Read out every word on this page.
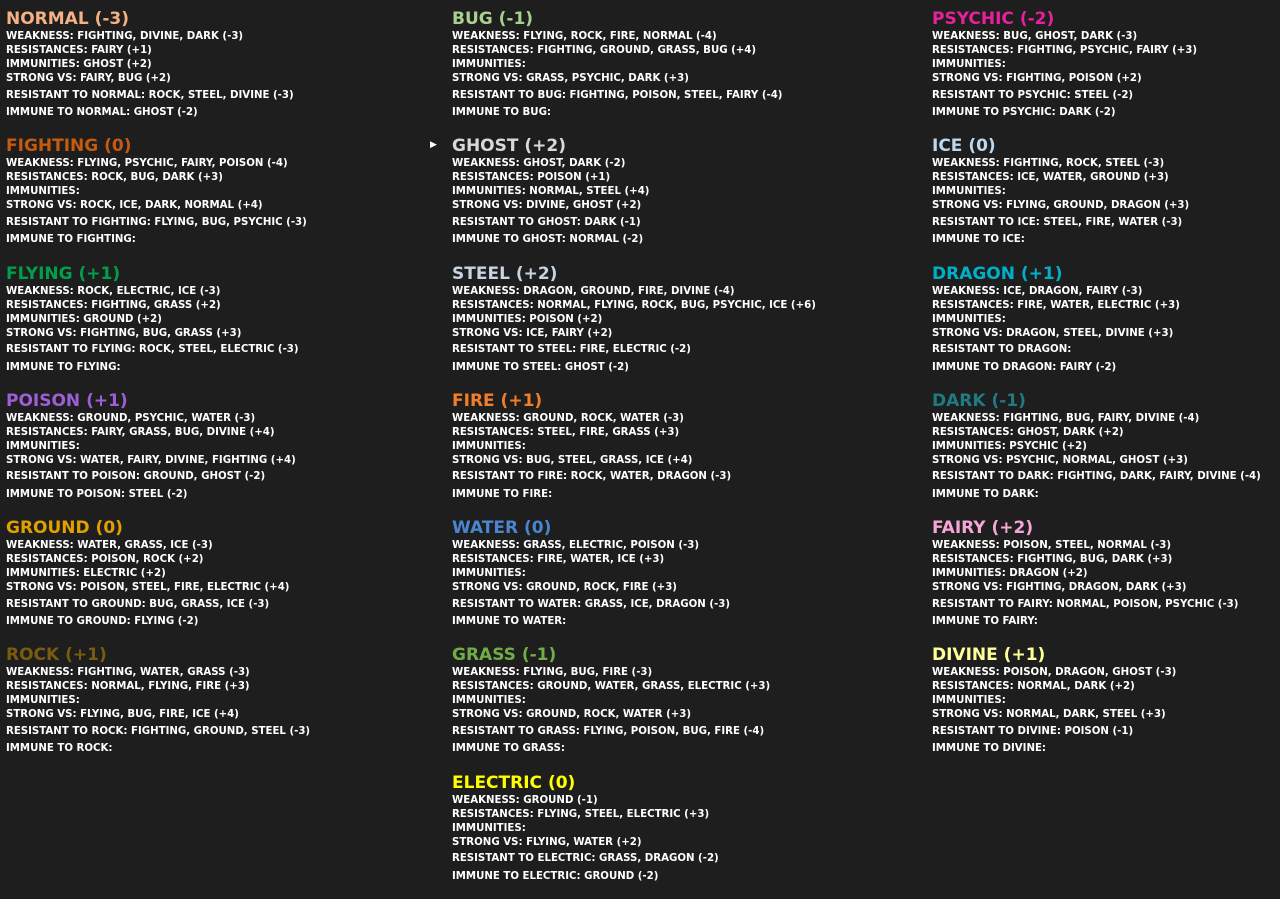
NORMAL (-3)
WEAKNESS: FIGHTING, DIVINE, DARK (-3)
RESISTANCES: FAIRY (+1)
IMMUNITIES: GHOST (+2)
STRONG VS: FAIRY, BUG (+2)
RESISTANT TO NORMAL: ROCK, STEEL, DIVINE (-3)
IMMUNE TO NORMAL: GHOST (-2)
FIGHTING (0)
WEAKNESS: FLYING, PSYCHIC, FAIRY, POISON (-4)
RESISTANCES: ROCK, BUG, DARK (+3)
IMMUNITIES:
STRONG VS: ROCK, ICE, DARK, NORMAL (+4)
RESISTANT TO FIGHTING: FLYING, BUG, PSYCHIC (-3)
IMMUNE TO FIGHTING:
FLYING (+1)
WEAKNESS: ROCK, ELECTRIC, ICE (-3)
RESISTANCES: FIGHTING, GRASS (+2)
IMMUNITIES: GROUND (+2)
STRONG VS: FIGHTING, BUG, GRASS (+3)
RESISTANT TO FLYING: ROCK, STEEL, ELECTRIC (-3)
IMMUNE TO FLYING:
POISON (+1)
WEAKNESS: GROUND, PSYCHIC, WATER (-3)
RESISTANCES: FAIRY, GRASS, BUG, DIVINE (+4)
IMMUNITIES:
STRONG VS: WATER, FAIRY, DIVINE, FIGHTING (+4)
RESISTANT TO POISON: GROUND, GHOST (-2)
IMMUNE TO POISON: STEEL (-2)
GROUND (0)
WEAKNESS: WATER, GRASS, ICE (-3)
RESISTANCES: POISON, ROCK (+2)
IMMUNITIES: ELECTRIC (+2)
STRONG VS: POISON, STEEL, FIRE, ELECTRIC (+4)
RESISTANT TO GROUND: BUG, GRASS, ICE (-3)
IMMUNE TO GROUND: FLYING (-2)
ROCK (+1)
WEAKNESS: FIGHTING, WATER, GRASS (-3)
RESISTANCES: NORMAL, FLYING, FIRE (+3)
IMMUNITIES:
STRONG VS: FLYING, BUG, FIRE, ICE (+4)
RESISTANT TO ROCK: FIGHTING, GROUND, STEEL (-3)
IMMUNE TO ROCK:
BUG (-1)
WEAKNESS: FLYING, ROCK, FIRE, NORMAL (-4)
RESISTANCES: FIGHTING, GROUND, GRASS, BUG (+4)
IMMUNITIES:
STRONG VS: GRASS, PSYCHIC, DARK (+3)
RESISTANT TO BUG: FIGHTING, POISON, STEEL, FAIRY (-4)
IMMUNE TO BUG:
▶ GHOST (+2)
WEAKNESS: GHOST, DARK (-2)
RESISTANCES: POISON (+1)
IMMUNITIES: NORMAL, STEEL (+4)
STRONG VS: DIVINE, GHOST (+2)
RESISTANT TO GHOST: DARK (-1)
IMMUNE TO GHOST: NORMAL (-2)
STEEL (+2)
WEAKNESS: DRAGON, GROUND, FIRE, DIVINE (-4)
RESISTANCES: NORMAL, FLYING, ROCK, BUG, PSYCHIC, ICE (+6)
IMMUNITIES: POISON (+2)
STRONG VS: ICE, FAIRY (+2)
RESISTANT TO STEEL: FIRE, ELECTRIC (-2)
IMMUNE TO STEEL: GHOST (-2)
FIRE (+1)
WEAKNESS: GROUND, ROCK, WATER (-3)
RESISTANCES: STEEL, FIRE, GRASS (+3)
IMMUNITIES:
STRONG VS: BUG, STEEL, GRASS, ICE (+4)
RESISTANT TO FIRE: ROCK, WATER, DRAGON (-3)
IMMUNE TO FIRE:
WATER (0)
WEAKNESS: GRASS, ELECTRIC, POISON (-3)
RESISTANCES: FIRE, WATER, ICE (+3)
IMMUNITIES:
STRONG VS: GROUND, ROCK, FIRE (+3)
RESISTANT TO WATER: GRASS, ICE, DRAGON (-3)
IMMUNE TO WATER:
GRASS (-1)
WEAKNESS: FLYING, BUG, FIRE (-3)
RESISTANCES: GROUND, WATER, GRASS, ELECTRIC (+3)
IMMUNITIES:
STRONG VS: GROUND, ROCK, WATER (+3)
RESISTANT TO GRASS: FLYING, POISON, BUG, FIRE (-4)
IMMUNE TO GRASS:
ELECTRIC (0)
WEAKNESS: GROUND (-1)
RESISTANCES: FLYING, STEEL, ELECTRIC (+3)
IMMUNITIES:
STRONG VS: FLYING, WATER (+2)
RESISTANT TO ELECTRIC: GRASS, DRAGON (-2)
IMMUNE TO ELECTRIC: GROUND (-2)
PSYCHIC (-2)
WEAKNESS: BUG, GHOST, DARK (-3)
RESISTANCES: FIGHTING, PSYCHIC, FAIRY (+3)
IMMUNITIES:
STRONG VS: FIGHTING, POISON (+2)
RESISTANT TO PSYCHIC: STEEL (-2)
IMMUNE TO PSYCHIC: DARK (-2)
ICE (0)
WEAKNESS: FIGHTING, ROCK, STEEL (-3)
RESISTANCES: ICE, WATER, GROUND (+3)
IMMUNITIES:
STRONG VS: FLYING, GROUND, DRAGON (+3)
RESISTANT TO ICE: STEEL, FIRE, WATER (-3)
IMMUNE TO ICE:
DRAGON (+1)
WEAKNESS: ICE, DRAGON, FAIRY (-3)
RESISTANCES: FIRE, WATER, ELECTRIC (+3)
IMMUNITIES:
STRONG VS: DRAGON, STEEL, DIVINE (+3)
RESISTANT TO DRAGON:
IMMUNE TO DRAGON: FAIRY (-2)
DARK (-1)
WEAKNESS: FIGHTING, BUG, FAIRY, DIVINE (-4)
RESISTANCES: GHOST, DARK (+2)
IMMUNITIES: PSYCHIC (+2)
STRONG VS: PSYCHIC, NORMAL, GHOST (+3)
RESISTANT TO DARK: FIGHTING, DARK, FAIRY, DIVINE (-4)
IMMUNE TO DARK:
FAIRY (+2)
WEAKNESS: POISON, STEEL, NORMAL (-3)
RESISTANCES: FIGHTING, BUG, DARK (+3)
IMMUNITIES: DRAGON (+2)
STRONG VS: FIGHTING, DRAGON, DARK (+3)
RESISTANT TO FAIRY: NORMAL, POISON, PSYCHIC (-3)
IMMUNE TO FAIRY:
DIVINE (+1)
WEAKNESS: POISON, DRAGON, GHOST (-3)
RESISTANCES: NORMAL, DARK (+2)
IMMUNITIES:
STRONG VS: NORMAL, DARK, STEEL (+3)
RESISTANT TO DIVINE: POISON (-1)
IMMUNE TO DIVINE:
